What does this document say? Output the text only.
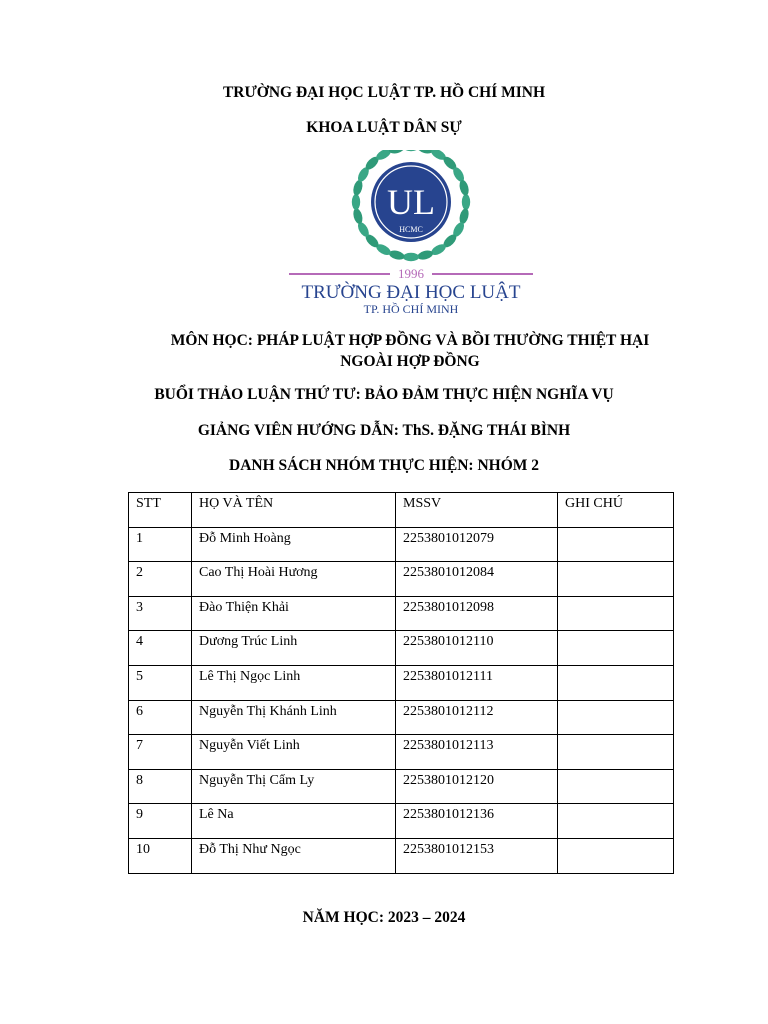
TRƯỜNG ĐẠI HỌC LUẬT TP. HỒ CHÍ MINH
KHOA LUẬT DÂN SỰ
UL
HCMC
1996
TRƯỜNG ĐẠI HỌC LUẬT
TP. HỒ CHÍ MINH
MÔN HỌC: PHÁP LUẬT HỢP ĐỒNG VÀ BỒI THƯỜNG THIỆT HẠI
NGOÀI HỢP ĐỒNG
BUỔI THẢO LUẬN THỨ TƯ: BẢO ĐẢM THỰC HIỆN NGHĨA VỤ
GIẢNG VIÊN HƯỚNG DẪN: ThS. ĐẶNG THÁI BÌNH
DANH SÁCH NHÓM THỰC HIỆN: NHÓM 2
STT	HỌ VÀ TÊN	MSSV	GHI CHÚ
1	Đỗ Minh Hoàng	2253801012079	
2	Cao Thị Hoài Hương	2253801012084	
3	Đào Thiện Khải	2253801012098	
4	Dương Trúc Linh	2253801012110	
5	Lê Thị Ngọc Linh	2253801012111	
6	Nguyễn Thị Khánh Linh	2253801012112	
7	Nguyễn Viết Linh	2253801012113	
8	Nguyễn Thị Cẩm Ly	2253801012120	
9	Lê Na	2253801012136	
10	Đỗ Thị Như Ngọc	2253801012153	
NĂM HỌC: 2023 – 2024
